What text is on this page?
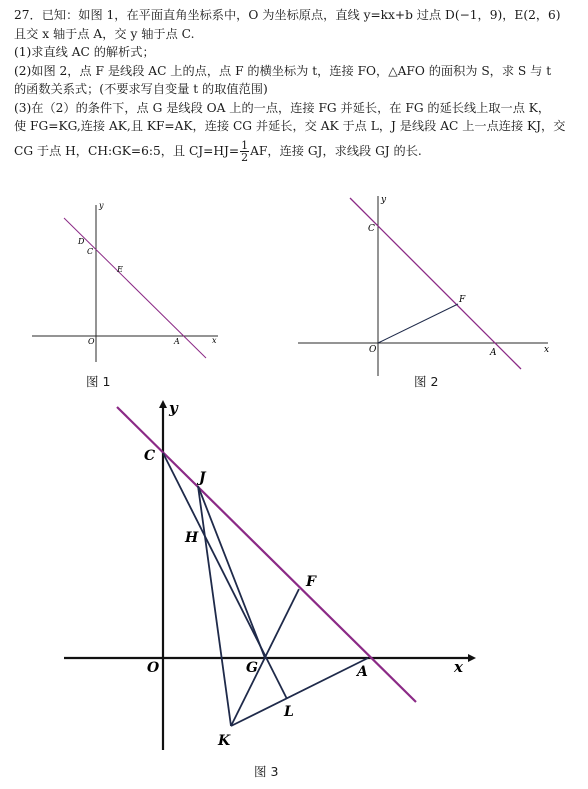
27．已知：如图 1，在平面直角坐标系中，O 为坐标原点，直线 y=kx+b 过点 D(−1，9)，E(2，6)

且交 x 轴于点 A，交 y 轴于点 C.

(1)求直线 AC 的解析式；

(2)如图 2，点 F 是线段 AC 上的点，点 F 的横坐标为 t，连接 FO，△AFO 的面积为 S，求 S 与 t

的函数关系式；(不要求写自变量 t 的取值范围)

(3)在（2）的条件下，点 G 是线段 OA 上的一点，连接 FG 并延长，在 FG 的延长线上取一点 K，

使 FG=KG,连接 AK,且 KF=AK，连接 CG 并延长，交 AK 于点 L，J 是线段 AC 上一点连接 KJ，交

CG 于点 H，CH:GK=6:5，且 $CJ=HJ= \frac{1}{2}$ AF，连接 GJ，求线段 GJ 的长.

y
x
O
D
C
E
A
图 1
y
x
O
C
F
A
图 2
y
x
O
C
J
H
F
G	A
L
K
图 3
